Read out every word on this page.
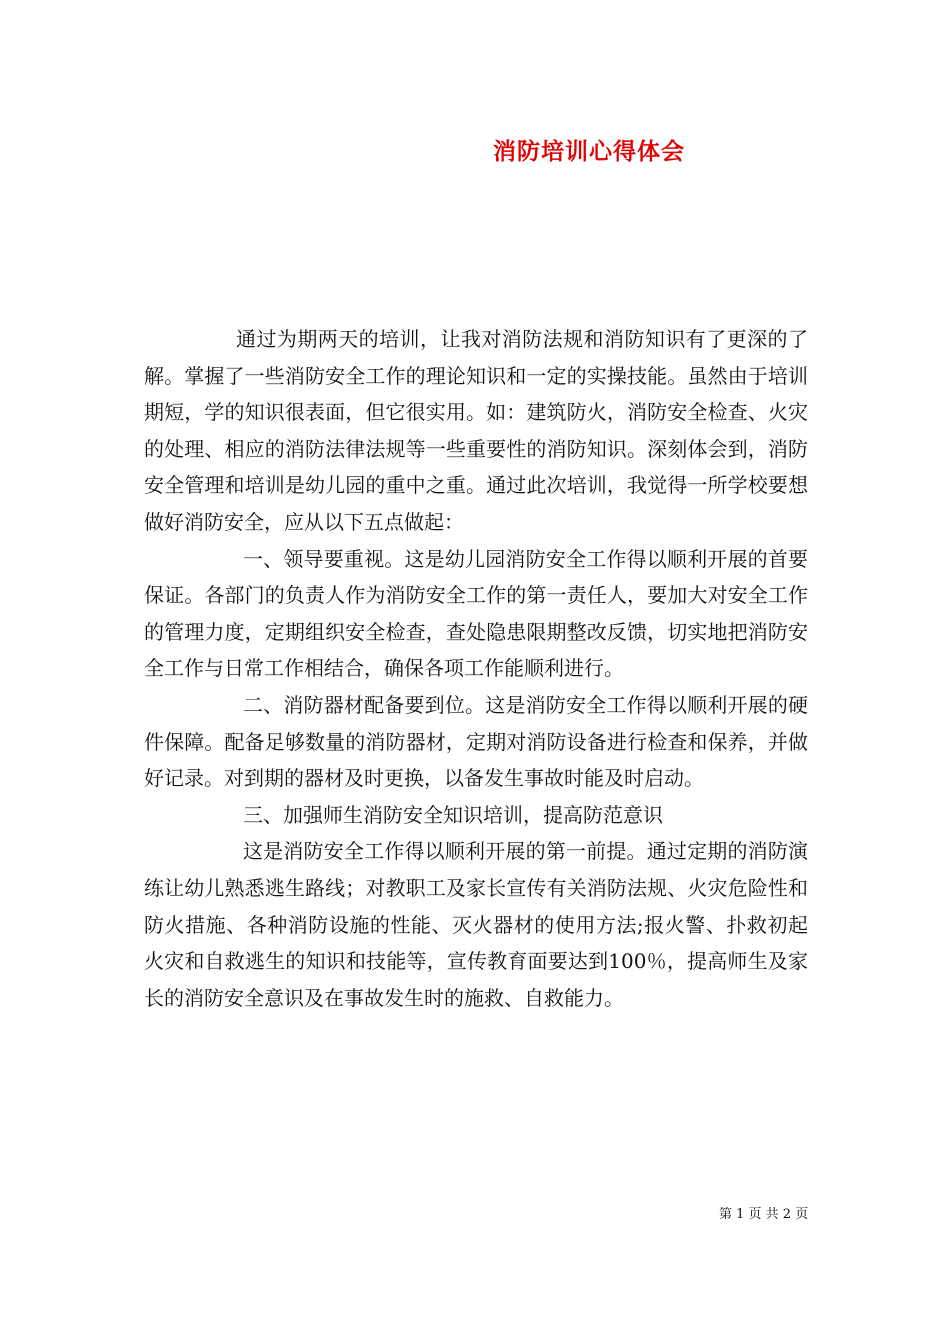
消防培训心得体会

通过为期两天的培训，让我对消防法规和消防知识有了更深的了解。掌握了一些消防安全工作的理论知识和一定的实操技能。虽然由于培训期短，学的知识很表面，但它很实用。如：建筑防火，消防安全检查、火灾的处理、相应的消防法律法规等一些重要性的消防知识。深刻体会到，消防安全管理和培训是幼儿园的重中之重。通过此次培训，我觉得一所学校要想做好消防安全，应从以下五点做起：

一、领导要重视。这是幼儿园消防安全工作得以顺利开展的首要保证。各部门的负责人作为消防安全工作的第一责任人，要加大对安全工作的管理力度，定期组织安全检查，查处隐患限期整改反馈，切实地把消防安全工作与日常工作相结合，确保各项工作能顺利进行。

二、消防器材配备要到位。这是消防安全工作得以顺利开展的硬件保障。配备足够数量的消防器材，定期对消防设备进行检查和保养，并做好记录。对到期的器材及时更换，以备发生事故时能及时启动。

三、加强师生消防安全知识培训，提高防范意识

这是消防安全工作得以顺利开展的第一前提。通过定期的消防演练让幼儿熟悉逃生路线；对教职工及家长宣传有关消防法规、火灾危险性和防火措施、各种消防设施的性能、灭火器材的使用方法;报火警、扑救初起火灾和自救逃生的知识和技能等，宣传教育面要达到100％，提高师生及家长的消防安全意识及在事故发生时的施救、自救能力。

第 1 页 共 2 页
